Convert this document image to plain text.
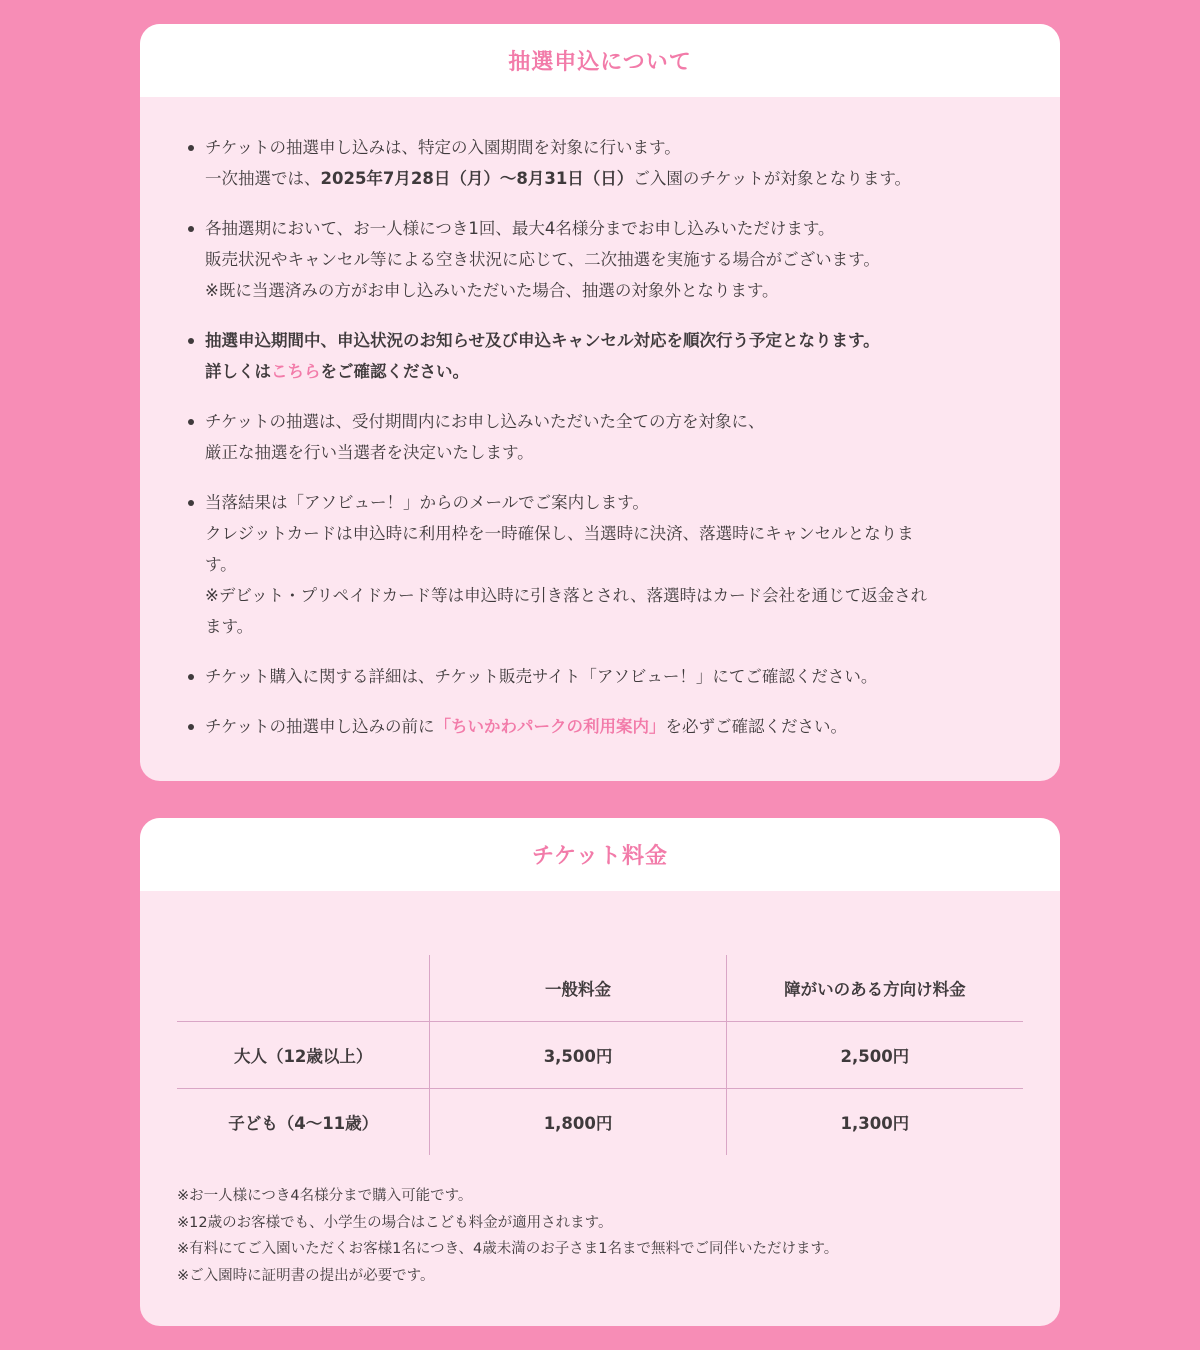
抽選申込について
チケットの抽選申し込みは、特定の入園期間を対象に行います。
一次抽選では、2025年7月28日（月）〜8月31日（日）ご入園のチケットが対象となります。
各抽選期において、お一人様につき1回、最大4名様分までお申し込みいただけます。
販売状況やキャンセル等による空き状況に応じて、二次抽選を実施する場合がございます。
※既に当選済みの方がお申し込みいただいた場合、抽選の対象外となります。
抽選申込期間中、申込状況のお知らせ及び申込キャンセル対応を順次行う予定となります。
詳しくはこちらをご確認ください。
チケットの抽選は、受付期間内にお申し込みいただいた全ての方を対象に、
厳正な抽選を行い当選者を決定いたします。
当落結果は「アソビュー！」からのメールでご案内します。
クレジットカードは申込時に利用枠を一時確保し、当選時に決済、落選時にキャンセルとなりま
す。
※デビット・プリペイドカード等は申込時に引き落とされ、落選時はカード会社を通じて返金され
ます。
チケット購入に関する詳細は、チケット販売サイト「アソビュー！」にてご確認ください。
チケットの抽選申し込みの前に「ちいかわパークの利用案内」を必ずご確認ください。
チケット料金
	一般料金	障がいのある方向け料金
大人（12歳以上）	3,500円	2,500円
子ども（4〜11歳）	1,800円	1,300円
※お一人様につき4名様分まで購入可能です。
※12歳のお客様でも、小学生の場合はこども料金が適用されます。
※有料にてご入園いただくお客様1名につき、4歳未満のお子さま1名まで無料でご同伴いただけます。
※ご入園時に証明書の提出が必要です。
